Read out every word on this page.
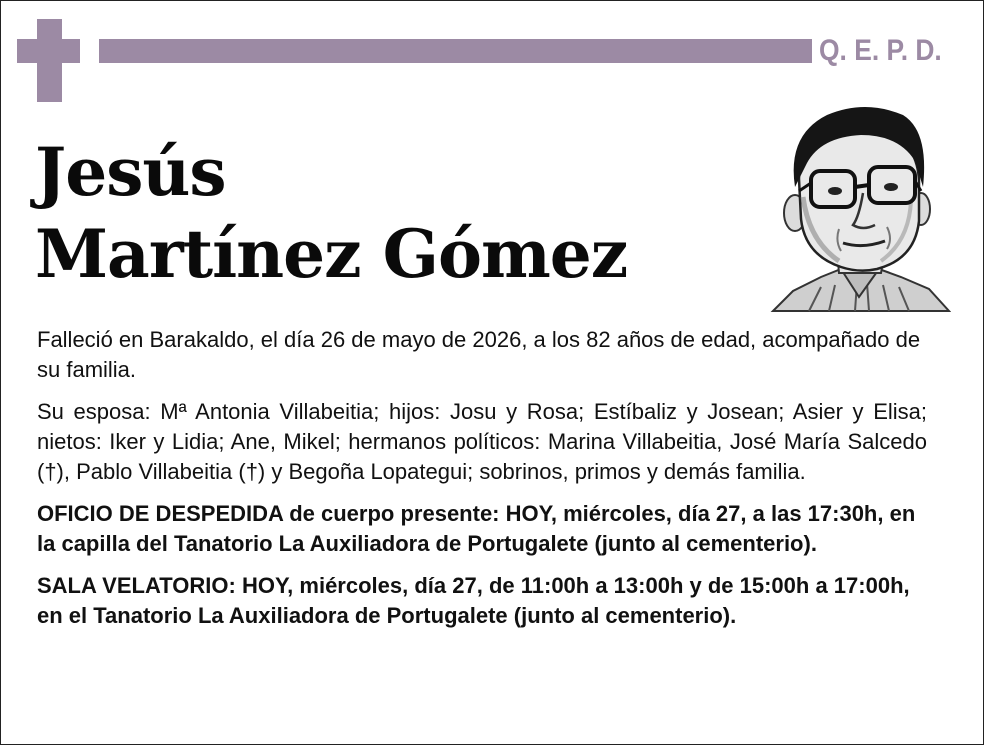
Q. E. P. D.
Jesús
Martínez Gómez

Falleció en Barakaldo, el día 26 de mayo de 2026, a los 82 años de edad, acompañado de su familia.

Su esposa: Mª Antonia Villabeitia; hijos: Josu y Rosa; Estíbaliz y Josean; Asier y Elisa; nietos: Iker y Lidia; Ane, Mikel; hermanos políticos: Marina Villabeitia, José María Salcedo (†), Pablo Villabeitia (†) y Begoña Lopategui; sobrinos, primos y demás familia.

OFICIO DE DESPEDIDA de cuerpo presente: HOY, miércoles, día 27, a las 17:30h, en la capilla del Tanatorio La Auxiliadora de Portugalete (junto al cementerio).

SALA VELATORIO: HOY, miércoles, día 27, de 11:00h a 13:00h y de 15:00h a 17:00h, en el Tanatorio La Auxiliadora de Portugalete (junto al cementerio).
